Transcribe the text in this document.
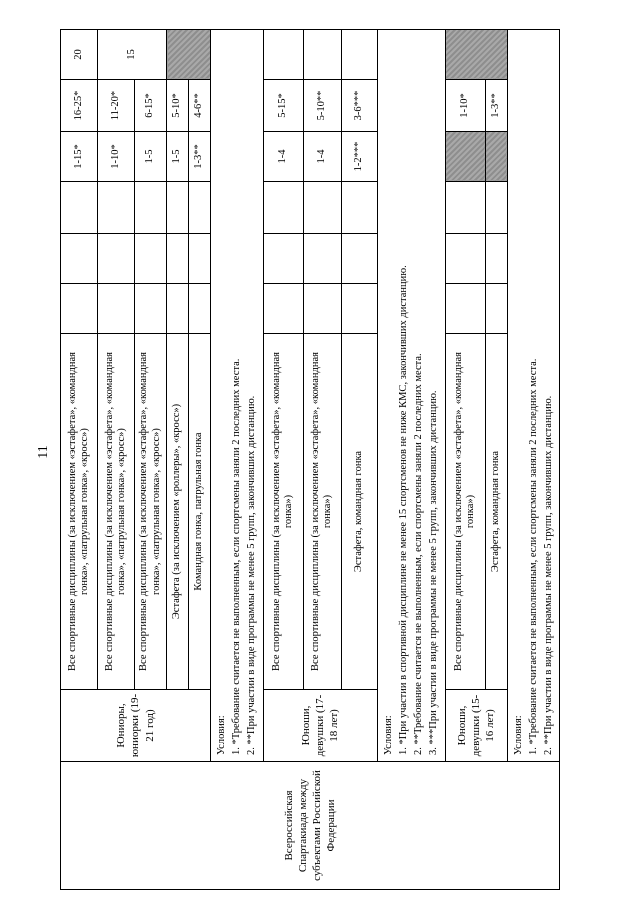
11
Всероссийская Спартакиада между субъектами Российской Федерации	Юниоры, юниорки (19-21 год)	Все спортивные дисциплины (за исключением «эстафета», «командная гонка», «патрульная гонка», «кросс»)				1-15*	16-25*	20
		Все спортивные дисциплины (за исключением «эстафета», «командная гонка», «патрульная гонка», «кросс»)				1-10*	11-20*	15
		Все спортивные дисциплины (за исключением «эстафета», «командная гонка», «патрульная гонка», «кросс»)				1-5	6-15*	
		Эстафета (за исключением «роллеры», «кросс»)				1-5	5-10*	
		Командная гонка, патрульная гонка				1-3**	4-6**	

	Условия: 1. *Требование считается не выполненным, если спортсмены заняли 2 последних места. 2. **При участии в виде программы не менее 5 групп, закончивших дистанцию.							

	Юноши, девушки (17-18 лет)	Все спортивные дисциплины (за исключением «эстафета», «командная гонка»)				1-4	5-15*	
		Все спортивные дисциплины (за исключением «эстафета», «командная гонка»)				1-4	5-10**	
		Эстафета, командная гонка				1-2***	3-6***	

	Условия: 1. *При участии в спортивной дисциплине не менее 15 спортсменов не ниже КМС, закончивших дистанцию. 2. **Требование считается не выполненным, если спортсмены заняли 2 последних места. 3. ***При участии в виде программы не менее 5 групп, закончивших дистанцию.							

	Юноши, девушки (15-16 лет)	Все спортивные дисциплины (за исключением «эстафета», «командная гонка»)					1-10*	
		Эстафета, командная гонка					1-3**	

	Условия: 1. *Требование считается не выполненным, если спортсмены заняли 2 последних места. 2. **При участии в виде программы не менее 5 групп, закончивших дистанцию.							
